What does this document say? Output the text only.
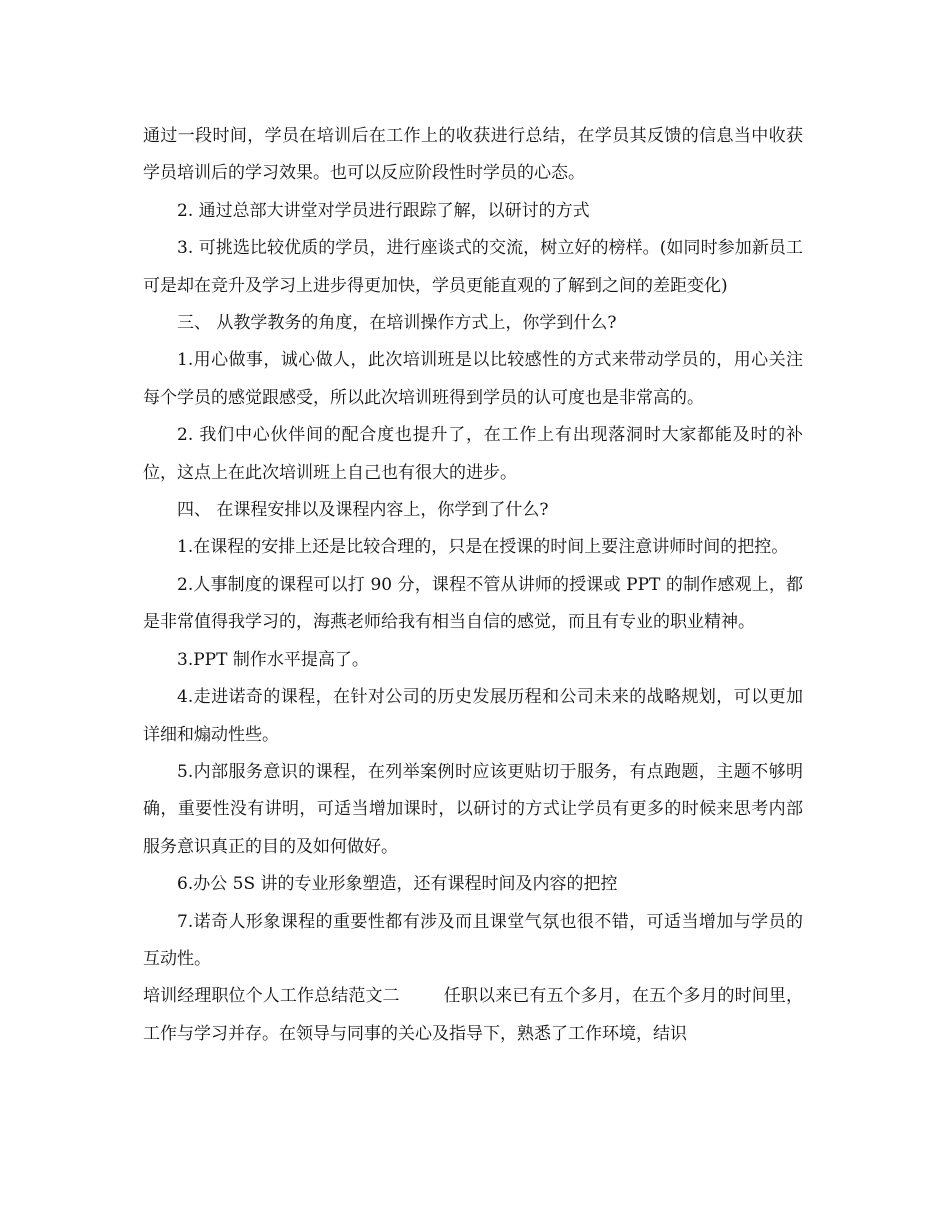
通过一段时间，学员在培训后在工作上的收获进行总结，在学员其反馈的信息当中收获学员培训后的学习效果。也可以反应阶段性时学员的心态。

2. 通过总部大讲堂对学员进行跟踪了解，以研讨的方式

3. 可挑选比较优质的学员，进行座谈式的交流，树立好的榜样。(如同时参加新员工可是却在竞升及学习上进步得更加快，学员更能直观的了解到之间的差距变化)

三、 从教学教务的角度，在培训操作方式上，你学到什么?

1.用心做事，诚心做人，此次培训班是以比较感性的方式来带动学员的，用心关注每个学员的感觉跟感受，所以此次培训班得到学员的认可度也是非常高的。

2. 我们中心伙伴间的配合度也提升了，在工作上有出现落洞时大家都能及时的补位，这点上在此次培训班上自己也有很大的进步。

四、 在课程安排以及课程内容上，你学到了什么?

1.在课程的安排上还是比较合理的，只是在授课的时间上要注意讲师时间的把控。

2.人事制度的课程可以打 90 分，课程不管从讲师的授课或 PPT 的制作感观上，都是非常值得我学习的，海燕老师给我有相当自信的感觉，而且有专业的职业精神。

3.PPT 制作水平提高了。

4.走进诺奇的课程，在针对公司的历史发展历程和公司未来的战略规划，可以更加详细和煽动性些。

5.内部服务意识的课程，在列举案例时应该更贴切于服务，有点跑题，主题不够明确，重要性没有讲明，可适当增加课时，以研讨的方式让学员有更多的时候来思考内部服务意识真正的目的及如何做好。

6.办公 5S 讲的专业形象塑造，还有课程时间及内容的把控

7.诺奇人形象课程的重要性都有涉及而且课堂气氛也很不错，可适当增加与学员的互动性。

培训经理职位个人工作总结范文二	任职以来已有五个多月，在五个多月的时间里，工作与学习并存。在领导与同事的关心及指导下，熟悉了工作环境，结识
